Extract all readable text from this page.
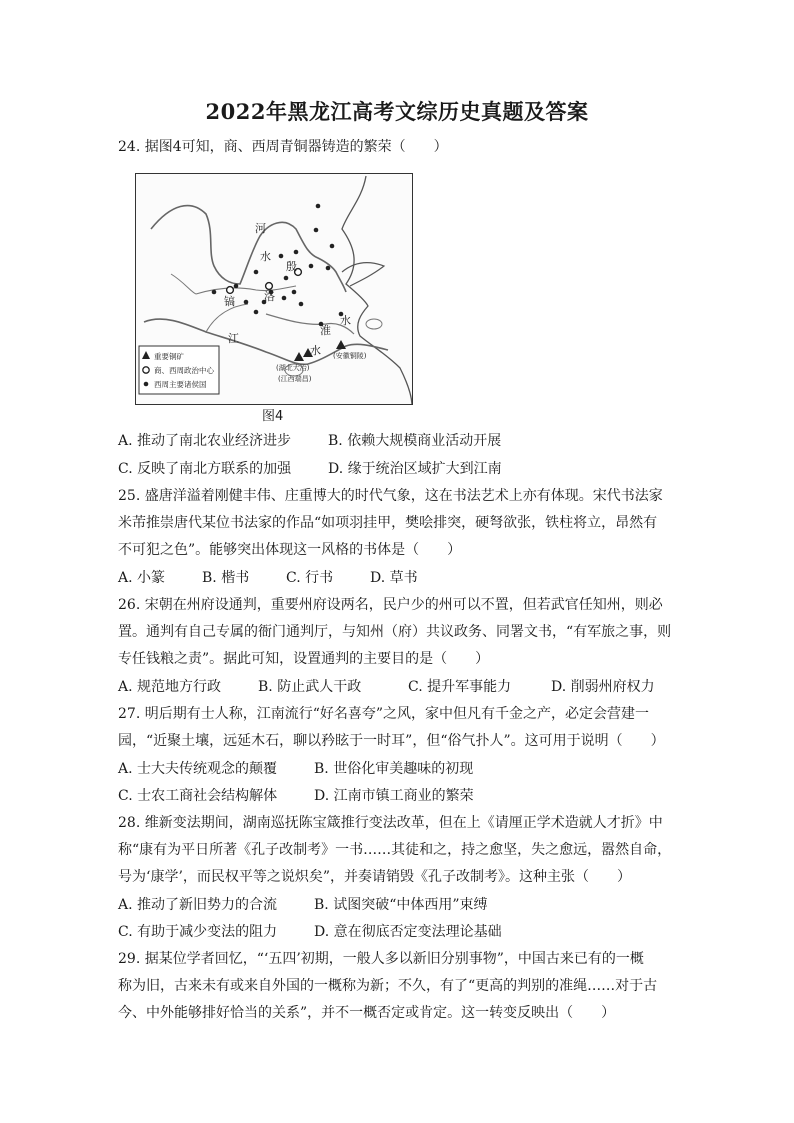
2022年黑龙江高考文综历史真题及答案
24. 据图4可知，商、西周青铜器铸造的繁荣（　　）
河
水
殷
洛
镐
江
水
淮
水
(湖北大冶)
(江西瑞昌)
(安徽铜陵)
重要铜矿
商、西周政治中心
西周主要诸侯国
图4
A. 推动了南北农业经济进步	B. 依赖大规模商业活动开展
C. 反映了南北方联系的加强	D. 缘于统治区域扩大到江南
25. 盛唐洋溢着刚健丰伟、庄重博大的时代气象，这在书法艺术上亦有体现。宋代书法家
米芾推崇唐代某位书法家的作品“如项羽挂甲，樊哙排突，硬弩欲张，铁柱将立，昂然有
不可犯之色”。能够突出体现这一风格的书体是（　　）
A. 小篆	B. 楷书	C. 行书	D. 草书
26. 宋朝在州府设通判，重要州府设两名，民户少的州可以不置，但若武官任知州，则必
置。通判有自己专属的衙门通判厅，与知州（府）共议政务、同署文书，“有军旅之事，则
专任钱粮之责”。据此可知，设置通判的主要目的是（　　）
A. 规范地方行政	B. 防止武人干政	C. 提升军事能力	D. 削弱州府权力
27. 明后期有士人称，江南流行“好名喜夸”之风，家中但凡有千金之产，必定会营建一
园，“近聚土壤，远延木石，聊以矜眩于一时耳”，但“俗气扑人”。这可用于说明（　　）
A. 士大夫传统观念的颠覆	B. 世俗化审美趣味的初现
C. 士农工商社会结构解体	D. 江南市镇工商业的繁荣
28. 维新变法期间，湖南巡抚陈宝箴推行变法改革，但在上《请厘正学术造就人才折》中
称“康有为平日所著《孔子改制考》一书……其徒和之，持之愈坚，失之愈远，嚣然自命，
号为‘康学’，而民权平等之说炽矣”，并奏请销毁《孔子改制考》。这种主张（　　）
A. 推动了新旧势力的合流	B. 试图突破“中体西用”束缚
C. 有助于减少变法的阻力	D. 意在彻底否定变法理论基础
29. 据某位学者回忆，“‘五四’初期，一般人多以新旧分别事物”，中国古来已有的一概
称为旧，古来未有或来自外国的一概称为新；不久，有了“更高的判别的准绳……对于古
今、中外能够排好恰当的关系”，并不一概否定或肯定。这一转变反映出（　　）
